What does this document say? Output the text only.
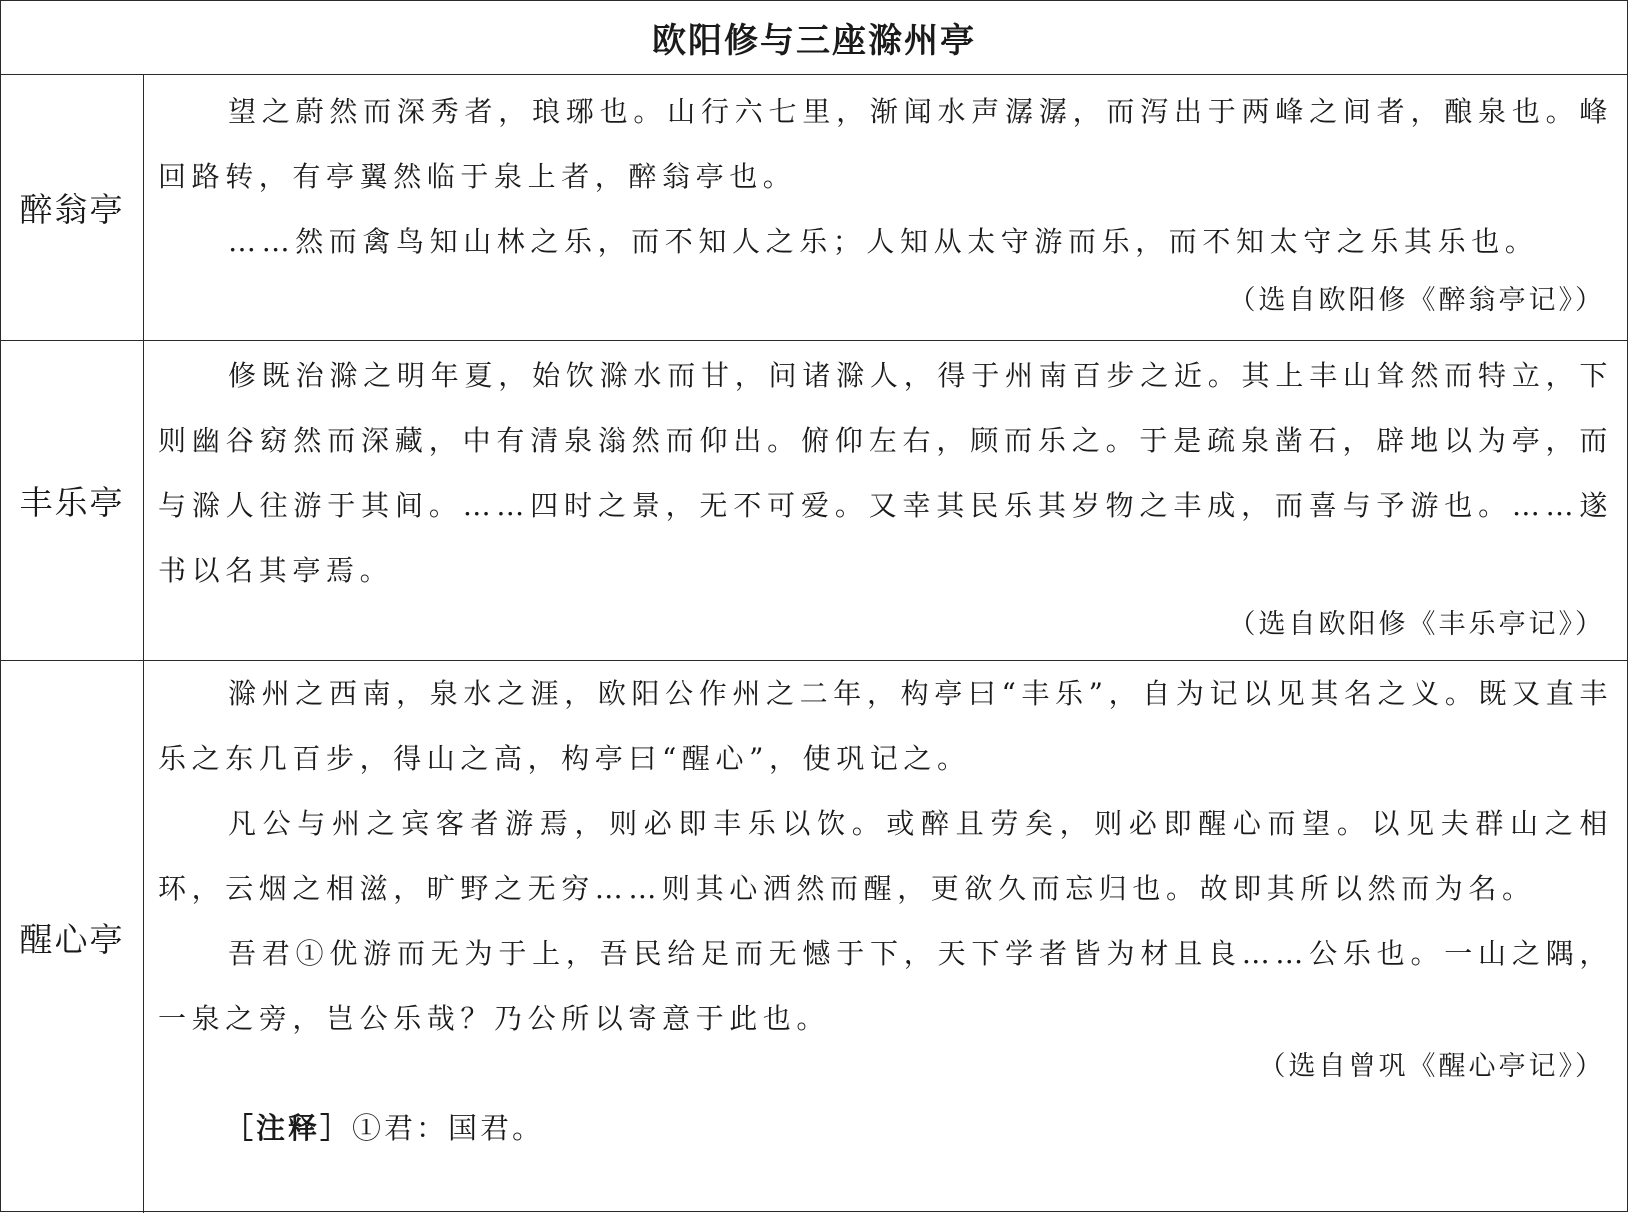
欧阳修与三座滁州亭
醉翁亭

望之蔚然而深秀者，琅琊也。山行六七里，渐闻水声潺潺，而泻出于两峰之间者，酿泉也。峰回路转，有亭翼然临于泉上者，醉翁亭也。

……然而禽鸟知山林之乐，而不知人之乐；人知从太守游而乐，而不知太守之乐其乐也。

（选自欧阳修《醉翁亭记》）

丰乐亭

修既治滁之明年夏，始饮滁水而甘，问诸滁人，得于州南百步之近。其上丰山耸然而特立，下则幽谷窈然而深藏，中有清泉滃然而仰出。俯仰左右，顾而乐之。于是疏泉凿石，辟地以为亭，而与滁人往游于其间。……四时之景，无不可爱。又幸其民乐其岁物之丰成，而喜与予游也。……遂书以名其亭焉。

（选自欧阳修《丰乐亭记》）

醒心亭

滁州之西南，泉水之涯，欧阳公作州之二年，构亭曰“丰乐”，自为记以见其名之义。既又直丰乐之东几百步，得山之高，构亭曰“醒心”，使巩记之。

凡公与州之宾客者游焉，则必即丰乐以饮。或醉且劳矣，则必即醒心而望。以见夫群山之相环，云烟之相滋，旷野之无穷……则其心洒然而醒，更欲久而忘归也。故即其所以然而为名。

吾君①优游而无为于上，吾民给足而无憾于下，天下学者皆为材且良……公乐也。一山之隅，一泉之旁，岂公乐哉？乃公所以寄意于此也。

（选自曾巩《醒心亭记》）

［注释］①君：国君。
